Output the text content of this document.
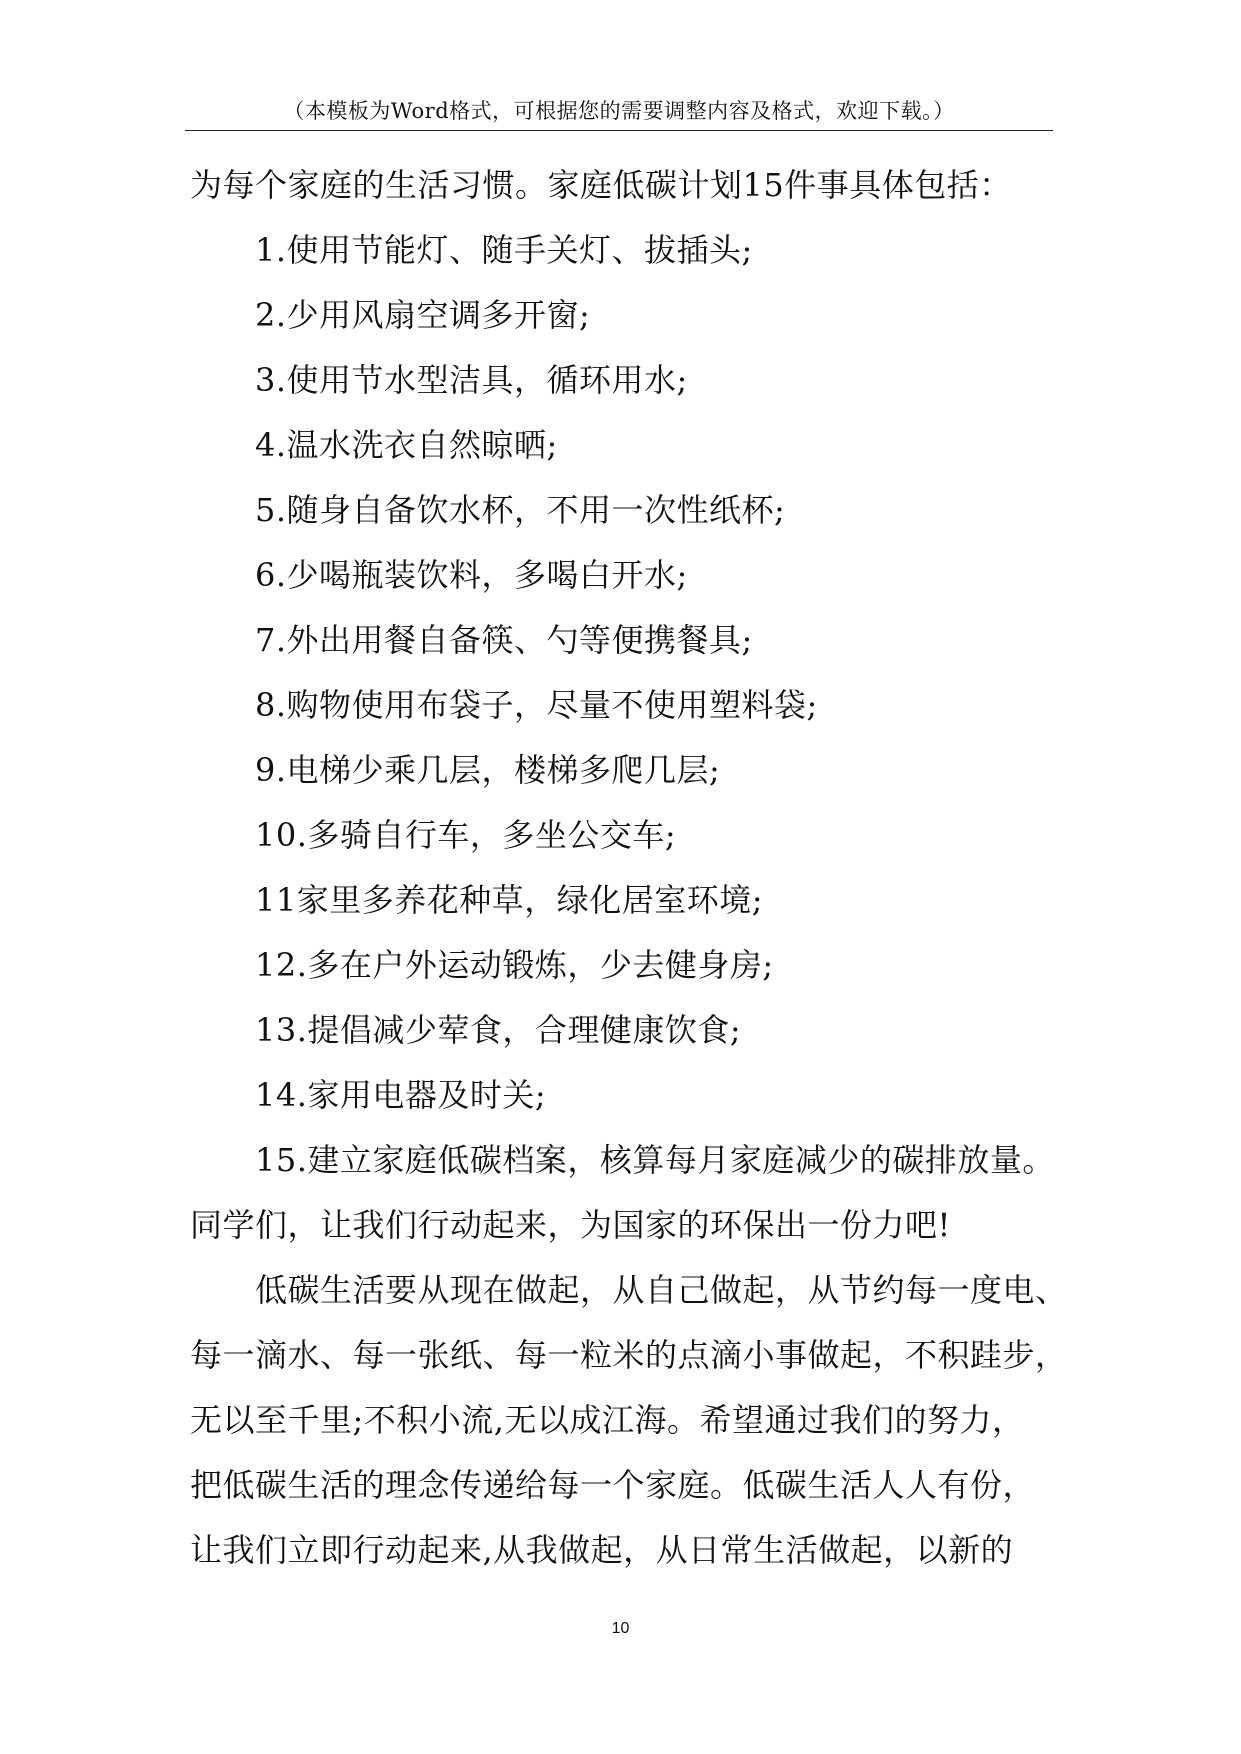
（本模板为Word格式，可根据您的需要调整内容及格式，欢迎下载。）
为每个家庭的生活习惯。家庭低碳计划15件事具体包括：
1.使用节能灯、随手关灯、拔插头;
2.少用风扇空调多开窗;
3.使用节水型洁具，循环用水;
4.温水洗衣自然晾晒;
5.随身自备饮水杯，不用一次性纸杯;
6.少喝瓶装饮料，多喝白开水;
7.外出用餐自备筷、勺等便携餐具;
8.购物使用布袋子，尽量不使用塑料袋;
9.电梯少乘几层，楼梯多爬几层;
10.多骑自行车，多坐公交车;
11家里多养花种草，绿化居室环境;
12.多在户外运动锻炼，少去健身房;
13.提倡减少荤食，合理健康饮食;
14.家用电器及时关;
15.建立家庭低碳档案，核算每月家庭减少的碳排放量。
同学们，让我们行动起来，为国家的环保出一份力吧!
低碳生活要从现在做起，从自己做起，从节约每一度电、
每一滴水、每一张纸、每一粒米的点滴小事做起，不积跬步，
无以至千里;不积小流,无以成江海。希望通过我们的努力，
把低碳生活的理念传递给每一个家庭。低碳生活人人有份，
让我们立即行动起来,从我做起，从日常生活做起，以新的
10
